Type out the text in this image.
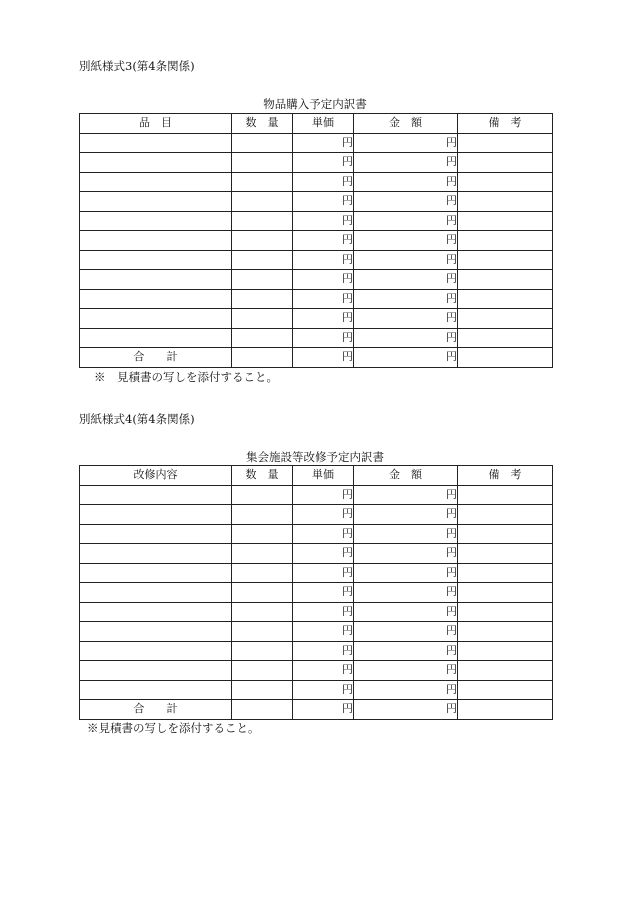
別紙様式3(第4条関係)
物品購入予定内訳書
品　目	数　量	単価	金　額	備　考
		円	円	
		円	円	
		円	円	
		円	円	
		円	円	
		円	円	
		円	円	
		円	円	
		円	円	
		円	円	
		円	円	
合　　計		円	円	
※　見積書の写しを添付すること。
別紙様式4(第4条関係)
集会施設等改修予定内訳書
改修内容	数　量	単価	金　額	備　考
		円	円	
		円	円	
		円	円	
		円	円	
		円	円	
		円	円	
		円	円	
		円	円	
		円	円	
		円	円	
		円	円	
合　　計		円	円	
※見積書の写しを添付すること。
